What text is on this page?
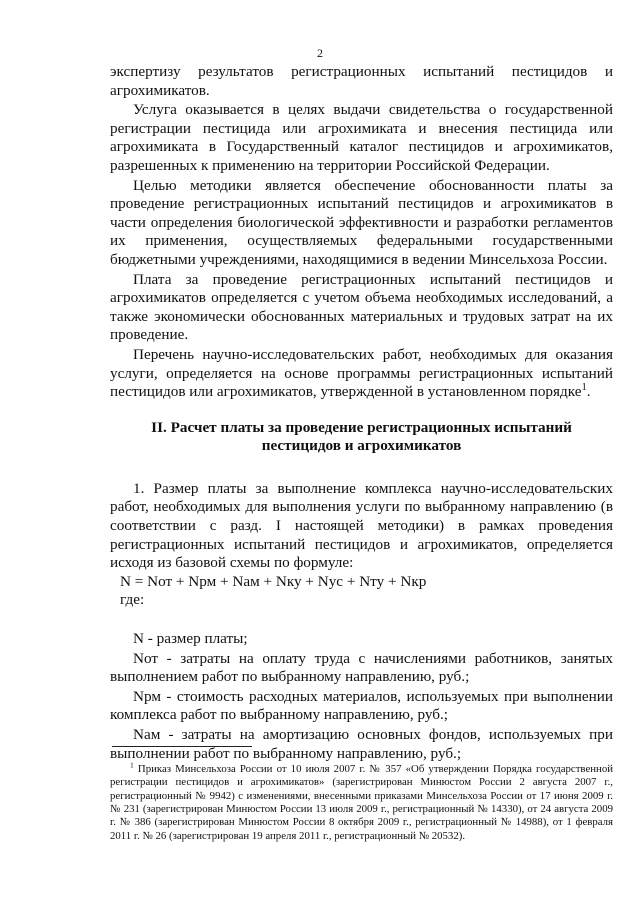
2

экспертизу результатов регистрационных испытаний пестицидов и агрохимикатов.

Услуга оказывается в целях выдачи свидетельства о государственной регистрации пестицида или агрохимиката и внесения пестицида или агрохимиката в Государственный каталог пестицидов и агрохимикатов, разрешенных к применению на территории Российской Федерации.

Целью методики является обеспечение обоснованности платы за проведение регистрационных испытаний пестицидов и агрохимикатов в части определения биологической эффективности и разработки регламентов их применения, осуществляемых федеральными государственными бюджетными учреждениями, находящимися в ведении Минсельхоза России.

Плата за проведение регистрационных испытаний пестицидов и агрохимикатов определяется с учетом объема необходимых исследований, а также экономически обоснованных материальных и трудовых затрат на их проведение.

Перечень научно-исследовательских работ, необходимых для оказания услуги, определяется на основе программы регистрационных испытаний пестицидов или агрохимикатов, утвержденной в установленном порядке$^1$.

II. Расчет платы за проведение регистрационных испытаний
пестицидов и агрохимикатов

1. Размер платы за выполнение комплекса научно-исследовательских работ, необходимых для выполнения услуги по выбранному направлению (в соответствии с разд. I настоящей методики) в рамках проведения регистрационных испытаний пестицидов и агрохимикатов, определяется исходя из базовой схемы по формуле:

N = Nот + Nрм + Nам + Nку + Nус + Nту + Nкр

где:

N - размер платы;

Nот - затраты на оплату труда с начислениями работников, занятых выполнением работ по выбранному направлению, руб.;

Nрм - стоимость расходных материалов, используемых при выполнении комплекса работ по выбранному направлению, руб.;

Nам - затраты на амортизацию основных фондов, используемых при выполнении работ по выбранному направлению, руб.;

$^1$ Приказ Минсельхоза России от 10 июля 2007 г. № 357 «Об утверждении Порядка государственной регистрации пестицидов и агрохимикатов» (зарегистрирован Минюстом России 2 августа 2007 г., регистрационный № 9942) с изменениями, внесенными приказами Минсельхоза России от 17 июня 2009 г. № 231 (зарегистрирован Минюстом России 13 июля 2009 г., регистрационный № 14330), от 24 августа 2009 г. № 386 (зарегистрирован Минюстом России 8 октября 2009 г., регистрационный № 14988), от 1 февраля 2011 г. № 26 (зарегистрирован 19 апреля 2011 г., регистрационный № 20532).
